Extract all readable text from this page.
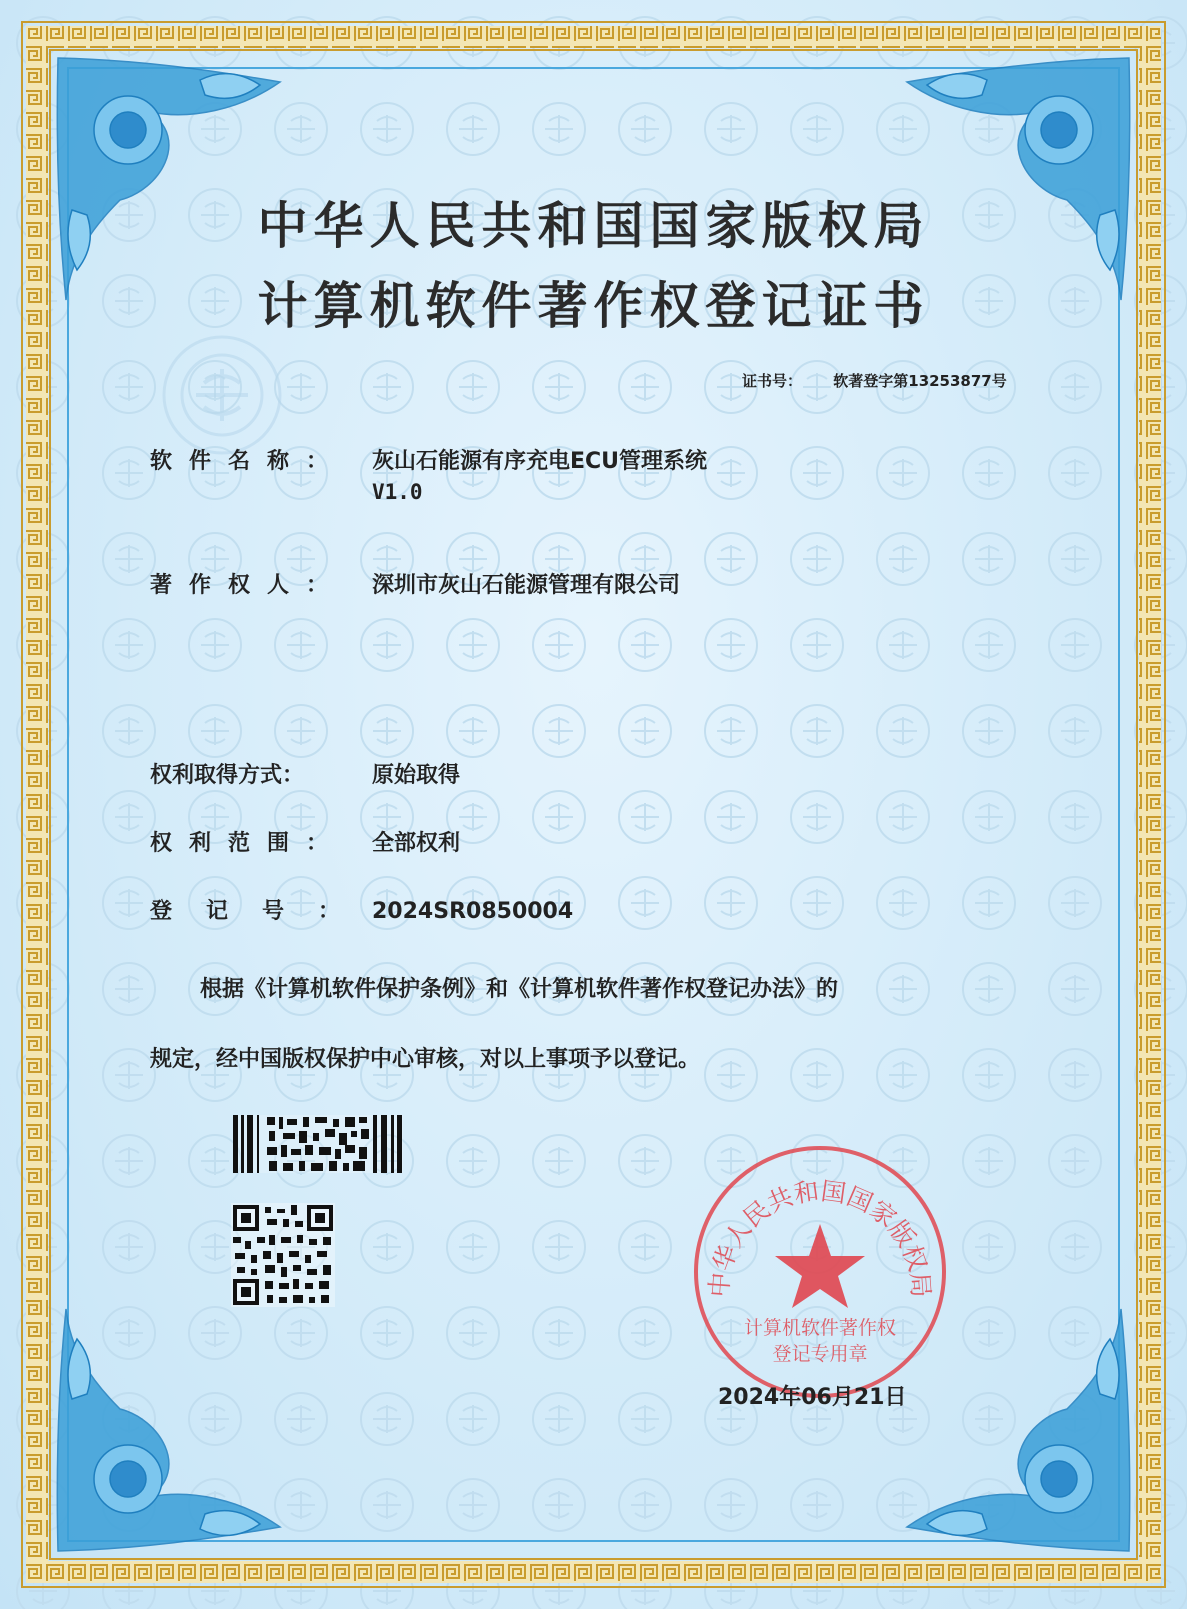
中华人民共和国国家版权局
计算机软件著作权登记证书
证书号： 软著登字第13253877号
软件名称： 灰山石能源有序充电ECU管理系统
V1.0
著作权人： 深圳市灰山石能源管理有限公司
权利取得方式：	原始取得
权利范围： 全部权利
登记号：2024SR0850004
根据《计算机软件保护条例》和《计算机软件著作权登记办法》的
规定，经中国版权保护中心审核，对以上事项予以登记。
中华人民共和国国家版权局
计算机软件著作权
登记专用章
2024年06月21日
